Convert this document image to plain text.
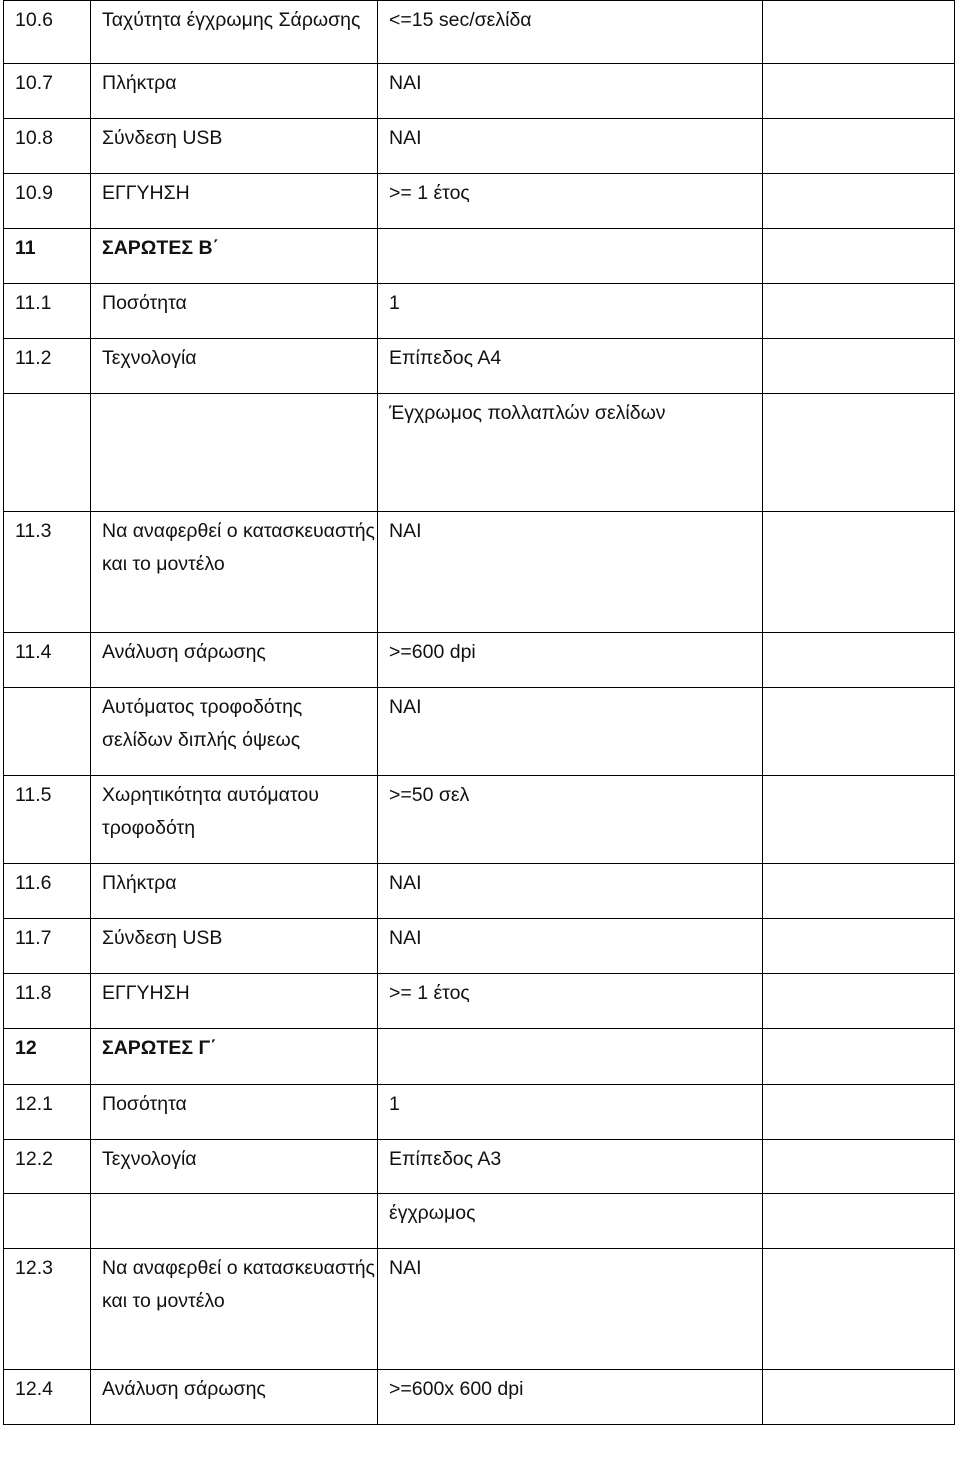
10.6	Ταχύτητα έγχρωμης Σάρωσης	<=15 sec/σελίδα	
10.7	Πλήκτρα	ΝΑΙ	
10.8	Σύνδεση USB	ΝΑΙ	
10.9	ΕΓΓΥΗΣΗ	>= 1 έτος	
11	ΣΑΡΩΤΕΣ Β΄		
11.1	Ποσότητα	1	
11.2	Τεχνολογία	Επίπεδος Α4	
		Έγχρωμος πολλαπλών σελίδων	
11.3	Να αναφερθεί ο κατασκευαστής και το μοντέλο	ΝΑΙ	
11.4	Ανάλυση σάρωσης	>=600 dpi	
	Αυτόματος τροφοδότης σελίδων διπλής όψεως	ΝΑΙ	
11.5	Χωρητικότητα αυτόματου τροφοδότη	>=50 σελ	
11.6	Πλήκτρα	ΝΑΙ	
11.7	Σύνδεση USB	ΝΑΙ	
11.8	ΕΓΓΥΗΣΗ	>= 1 έτος	
12	ΣΑΡΩΤΕΣ Γ΄		
12.1	Ποσότητα	1	
12.2	Τεχνολογία	Επίπεδος Α3	
		έγχρωμος	
12.3	Να αναφερθεί ο κατασκευαστής και το μοντέλο	ΝΑΙ	
12.4	Ανάλυση σάρωσης	>=600x 600 dpi	
